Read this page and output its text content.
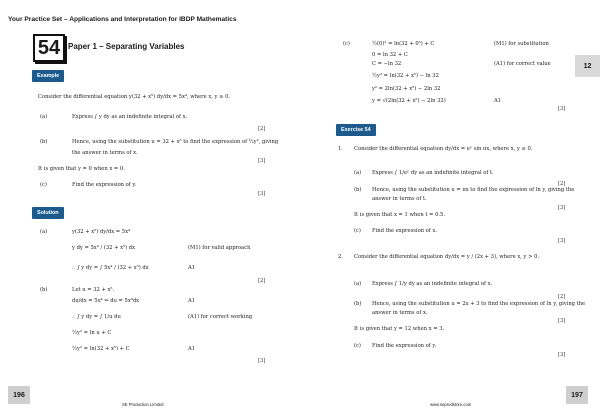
Your Practice Set – Applications and Interpretation for IBDP Mathematics
54 Paper 1 – Separating Variables
Example
Consider the differential equation y(32 + x⁵) dy/dx = 5x⁴, where x, y ≥ 0.
(a)	Express ∫ y dy as an indefinite integral of x.
[2]
(b)	Hence, using the substitution u = 32 + x⁵ to find the expression of ½y², giving
the answer in terms of x.
[3]
It is given that y = 0 when x = 0.
(c)	Find the expression of y.
[3]
Solution
(a)	y(32 + x⁵) dy/dx = 5x⁴
y dy = 5x⁴ / (32 + x⁵) dx	(M1) for valid approach
∴ ∫ y dy = ∫ 5x⁴ / (32 + x⁵) dx	A1
[2]
(b)	Let u = 32 + x⁵.
du/dx = 5x⁴ ⇒ du = 5x⁴dx	A1
∴ ∫ y dy = ∫ 1/u du	(A1) for correct working
½y² = ln u + C
½y² = ln(32 + x⁵) + C	A1
[3]
(c)	½(0)² = ln(32 + 0⁵) + C	(M1) for substitution
0 = ln 32 + C
C = −ln 32	(A1) for correct value
½y² = ln(32 + x⁵) − ln 32
y² = 2ln(32 + x⁵) − 2ln 32
y = √(2ln(32 + x⁵) − 2ln 32)	A1
[3]
12
Exercise 54
1. Consider the differential equation dy/dx = eʸ sin πx, where x, y ≥ 0.
(a) Express ∫ 1/eʸ dy as an indefinite integral of t.
[2]
(b) Hence, using the substitution u = πx to find the expression of ln y, giving the
answer in terms of t.
[3]
It is given that x = 1 when t = 0.5.
(c) Find the expression of x.
[3]
2. Consider the differential equation dy/dx = y / (2x + 3), where x, y > 0.
(a) Express ∫ 1/y dy as an indefinite integral of x.
[2]
(b) Hence, using the substitution u = 2x + 3 to find the expression of ln y, giving the
answer in terms of x.
[3]
It is given that y = 12 when x = 3.
(c) Find the expression of y.
[3]
196	197
SE Production Limited	www.seprodstore.com
